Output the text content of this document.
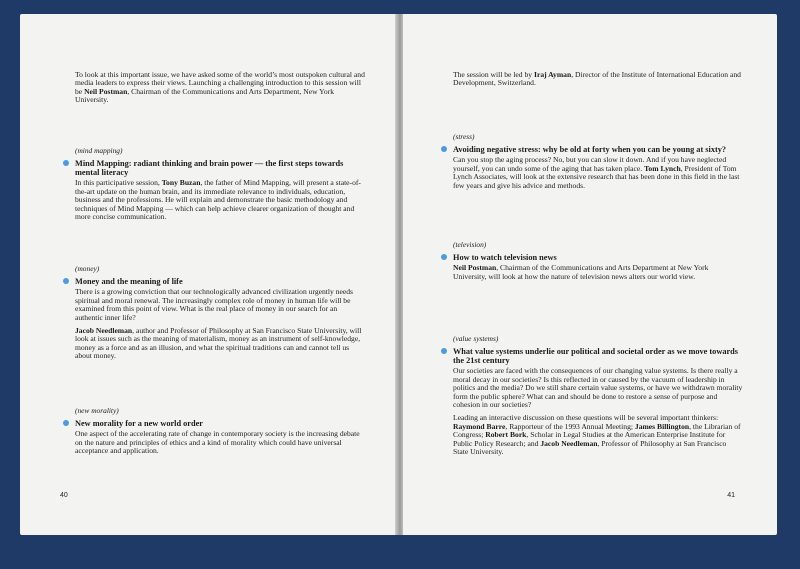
To look at this important issue, we have asked some of the world’s most outspoken cultural and media leaders to express their views. Launching a challenging introduction to this session will be Neil Postman, Chairman of the Communications and Arts Department, New York University.

(mind mapping)
Mind Mapping: radiant thinking and brain power — the first steps towards mental literacy

In this participative session, Tony Buzan, the father of Mind Mapping, will present a state-of-the-art update on the human brain, and its immediate relevance to individuals, education, business and the professions. He will explain and demonstrate the basic methodology and techniques of Mind Mapping — which can help achieve clearer organization of thought and more concise communication.

(money)
Money and the meaning of life

There is a growing conviction that our technologically advanced civilization urgently needs spiritual and moral renewal. The increasingly complex role of money in human life will be examined from this point of view. What is the real place of money in our search for an authentic inner life?

Jacob Needleman, author and Professor of Philosophy at San Francisco State University, will look at issues such as the meaning of materialism, money as an instrument of self-knowledge, money as a force and as an illusion, and what the spiritual traditions can and cannot tell us about money.

(new morality)
New morality for a new world order

One aspect of the accelerating rate of change in contemporary society is the increasing debate on the nature and principles of ethics and a kind of morality which could have universal acceptance and application.

40

The session will be led by Iraj Ayman, Director of the Institute of International Education and Development, Switzerland.

(stress)
Avoiding negative stress: why be old at forty when you can be young at sixty?

Can you stop the aging process? No, but you can slow it down. And if you have neglected yourself, you can undo some of the aging that has taken place. Tom Lynch, President of Tom Lynch Associates, will look at the extensive research that has been done in this field in the last few years and give his advice and methods.

(television)
How to watch television news

Neil Postman, Chairman of the Communications and Arts Department at New York University, will look at how the nature of television news alters our world view.

(value systems)
What value systems underlie our political and societal order as we move towards the 21st century

Our societies are faced with the consequences of our changing value systems. Is there really a moral decay in our societies? Is this reflected in or caused by the vacuum of leadership in politics and the media? Do we still share certain value systems, or have we withdrawn morality form the public sphere? What can and should be done to restore a sense of purpose and cohesion in our societies?

Leading an interactive discussion on these questions will be several important thinkers: Raymond Barre, Rapporteur of the 1993 Annual Meeting; James Billington, the Librarian of Congress; Robert Bork, Scholar in Legal Studies at the American Enterprise Institute for Public Policy Research; and Jacob Needleman, Professor of Philosophy at San Francisco State University.

41
